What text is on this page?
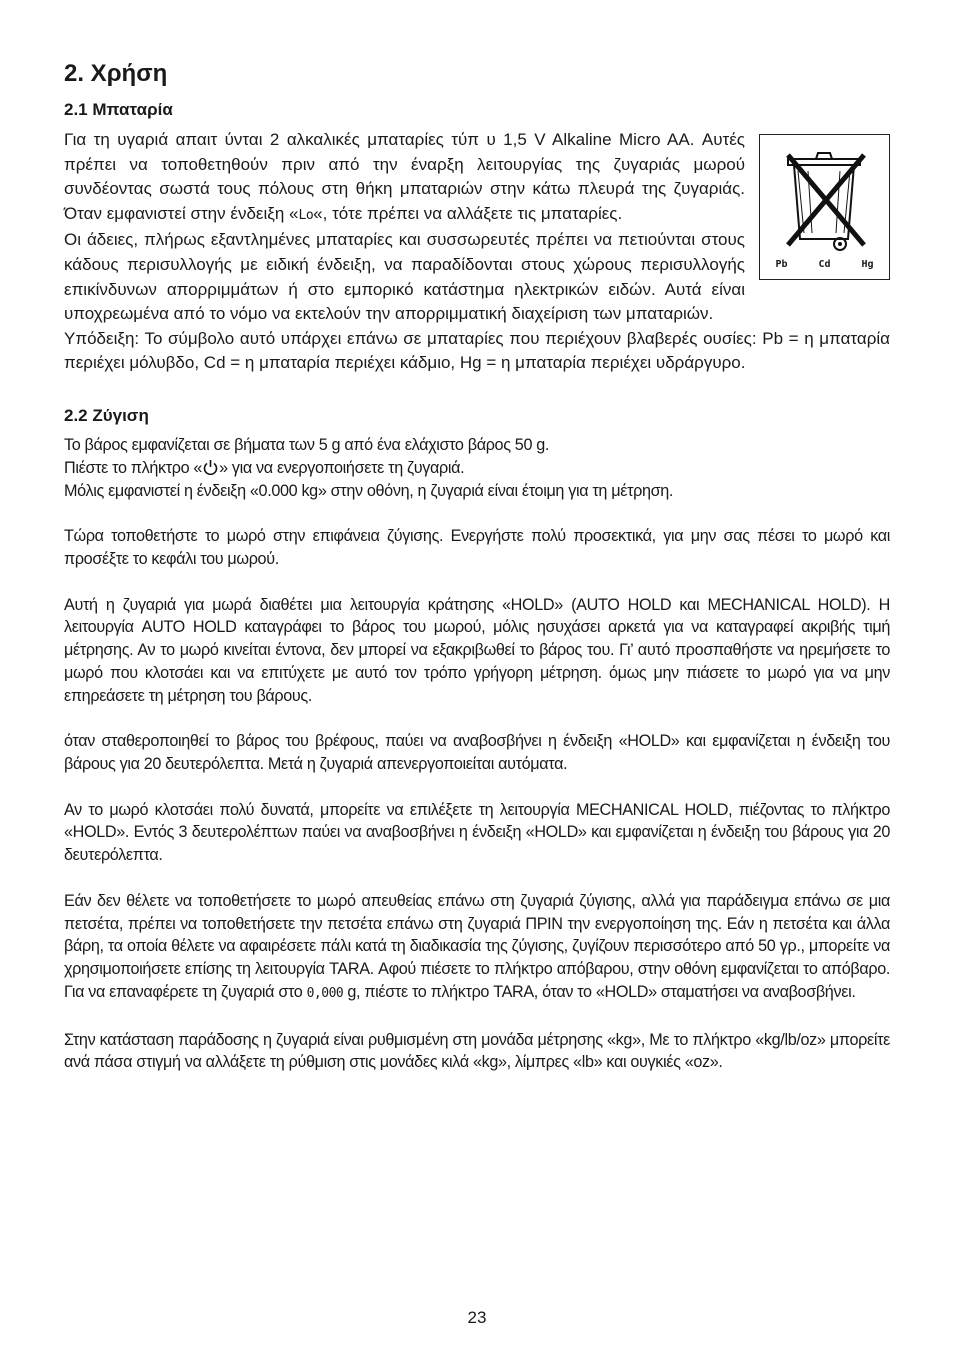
2. Χρήση
2.1 Μπαταρία
Pb	Cd	Hg

Για τη υγαριά απαιτ ύνται 2 αλκαλικές μπαταρίες τύπ υ 1,5 V Alkaline Micro AA. Αυτές πρέπει να τοποθετηθούν πριν από την έναρξη λειτουργίας της ζυγαριάς μωρού συνδέοντας σωστά τους πόλους στη θήκη μπαταριών στην κάτω πλευρά της ζυγαριάς. Όταν εμφανιστεί στην ένδειξη «Lo«, τότε πρέπει να αλλάξετε τις μπαταρίες.

Οι άδειες, πλήρως εξαντλημένες μπαταρίες και συσσωρευτές πρέπει να πετιούνται στους κάδους περισυλλογής με ειδική ένδειξη, να παραδίδονται στους χώρους περισυλλογής επικίνδυνων απορριμμάτων ή στο εμπορικό κατάστημα ηλεκτρικών ειδών. Αυτά είναι υποχρεωμένα από το νόμο να εκτελούν την απορριμματική διαχείριση των μπαταριών.

Υπόδειξη: Το σύμβολο αυτό υπάρχει επάνω σε μπαταρίες που περιέχουν βλαβερές ουσίες: Pb = η μπαταρία περιέχει μόλυβδο, Cd = η μπαταρία περιέχει κάδμιο, Hg = η μπαταρία περιέχει υδράργυρο.

2.2 Ζύγιση

Το βάρος εμφανίζεται σε βήματα των 5 g από ένα ελάχιστο βάρος 50 g.

Πιέστε το πλήκτρο « » για να ενεργοποιήσετε τη ζυγαριά.

Μόλις εμφανιστεί η ένδειξη «0.000 kg» στην οθόνη, η ζυγαριά είναι έτοιμη για τη μέτρηση.

Τώρα τοποθετήστε το μωρό στην επιφάνεια ζύγισης. Ενεργήστε πολύ προσεκτικά, για μην σας πέσει το μωρό και προσέξτε το κεφάλι του μωρού.

Αυτή η ζυγαριά για μωρά διαθέτει μια λειτουργία κράτησης «HOLD» (AUTO HOLD και MECHANICAL HOLD). Η λειτουργία AUTO HOLD καταγράφει το βάρος του μωρού, μόλις ησυχάσει αρκετά για να καταγραφεί ακριβής τιμή μέτρησης. Αν το μωρό κινείται έντονα, δεν μπορεί να εξακριβωθεί το βάρος του. Γι’ αυτό προσπαθήστε να ηρεμήσετε το μωρό που κλοτσάει και να επιτύχετε με αυτό τον τρόπο γρήγορη μέτρηση. όμως μην πιάσετε το μωρό για να μην επηρεάσετε τη μέτρηση του βάρους.

όταν σταθεροποιηθεί το βάρος του βρέφους, παύει να αναβοσβήνει η ένδειξη «HOLD» και εμφανίζεται η ένδειξη του βάρους για 20 δευτερόλεπτα. Μετά η ζυγαριά απενεργοποιείται αυτόματα.

Αν το μωρό κλοτσάει πολύ δυνατά, μπορείτε να επιλέξετε τη λειτουργία MECHANICAL HOLD, πιέζοντας το πλήκτρο «HOLD». Εντός 3 δευτερολέπτων παύει να αναβοσβήνει η ένδειξη «HOLD» και εμφανίζεται η ένδειξη του βάρους για 20 δευτερόλεπτα.

Εάν δεν θέλετε να τοποθετήσετε το μωρό απευθείας επάνω στη ζυγαριά ζύγισης, αλλά για παράδειγμα επάνω σε μια πετσέτα, πρέπει να τοποθετήσετε την πετσέτα επάνω στη ζυγαριά ΠΡΙΝ την ενεργοποίηση της. Εάν η πετσέτα και άλλα βάρη, τα οποία θέλετε να αφαιρέσετε πάλι κατά τη διαδικασία της ζύγισης, ζυγίζουν περισσότερο από 50 γρ., μπορείτε να χρησιμοποιήσετε επίσης τη λειτουργία TARA. Αφού πιέσετε το πλήκτρο απόβαρου, στην οθόνη εμφανίζεται το απόβαρο. Για να επαναφέρετε τη ζυγαριά στο 0,000 g, πιέστε το πλήκτρο TARA, όταν το «HOLD» σταματήσει να αναβοσβήνει.

Στην κατάσταση παράδοσης η ζυγαριά είναι ρυθμισμένη στη μονάδα μέτρησης «kg», Με το πλήκτρο «kg/lb/oz» μπορείτε ανά πάσα στιγμή να αλλάξετε τη ρύθμιση στις μονάδες κιλά «kg», λίμπρες «lb» και ουγκιές «oz».

23
